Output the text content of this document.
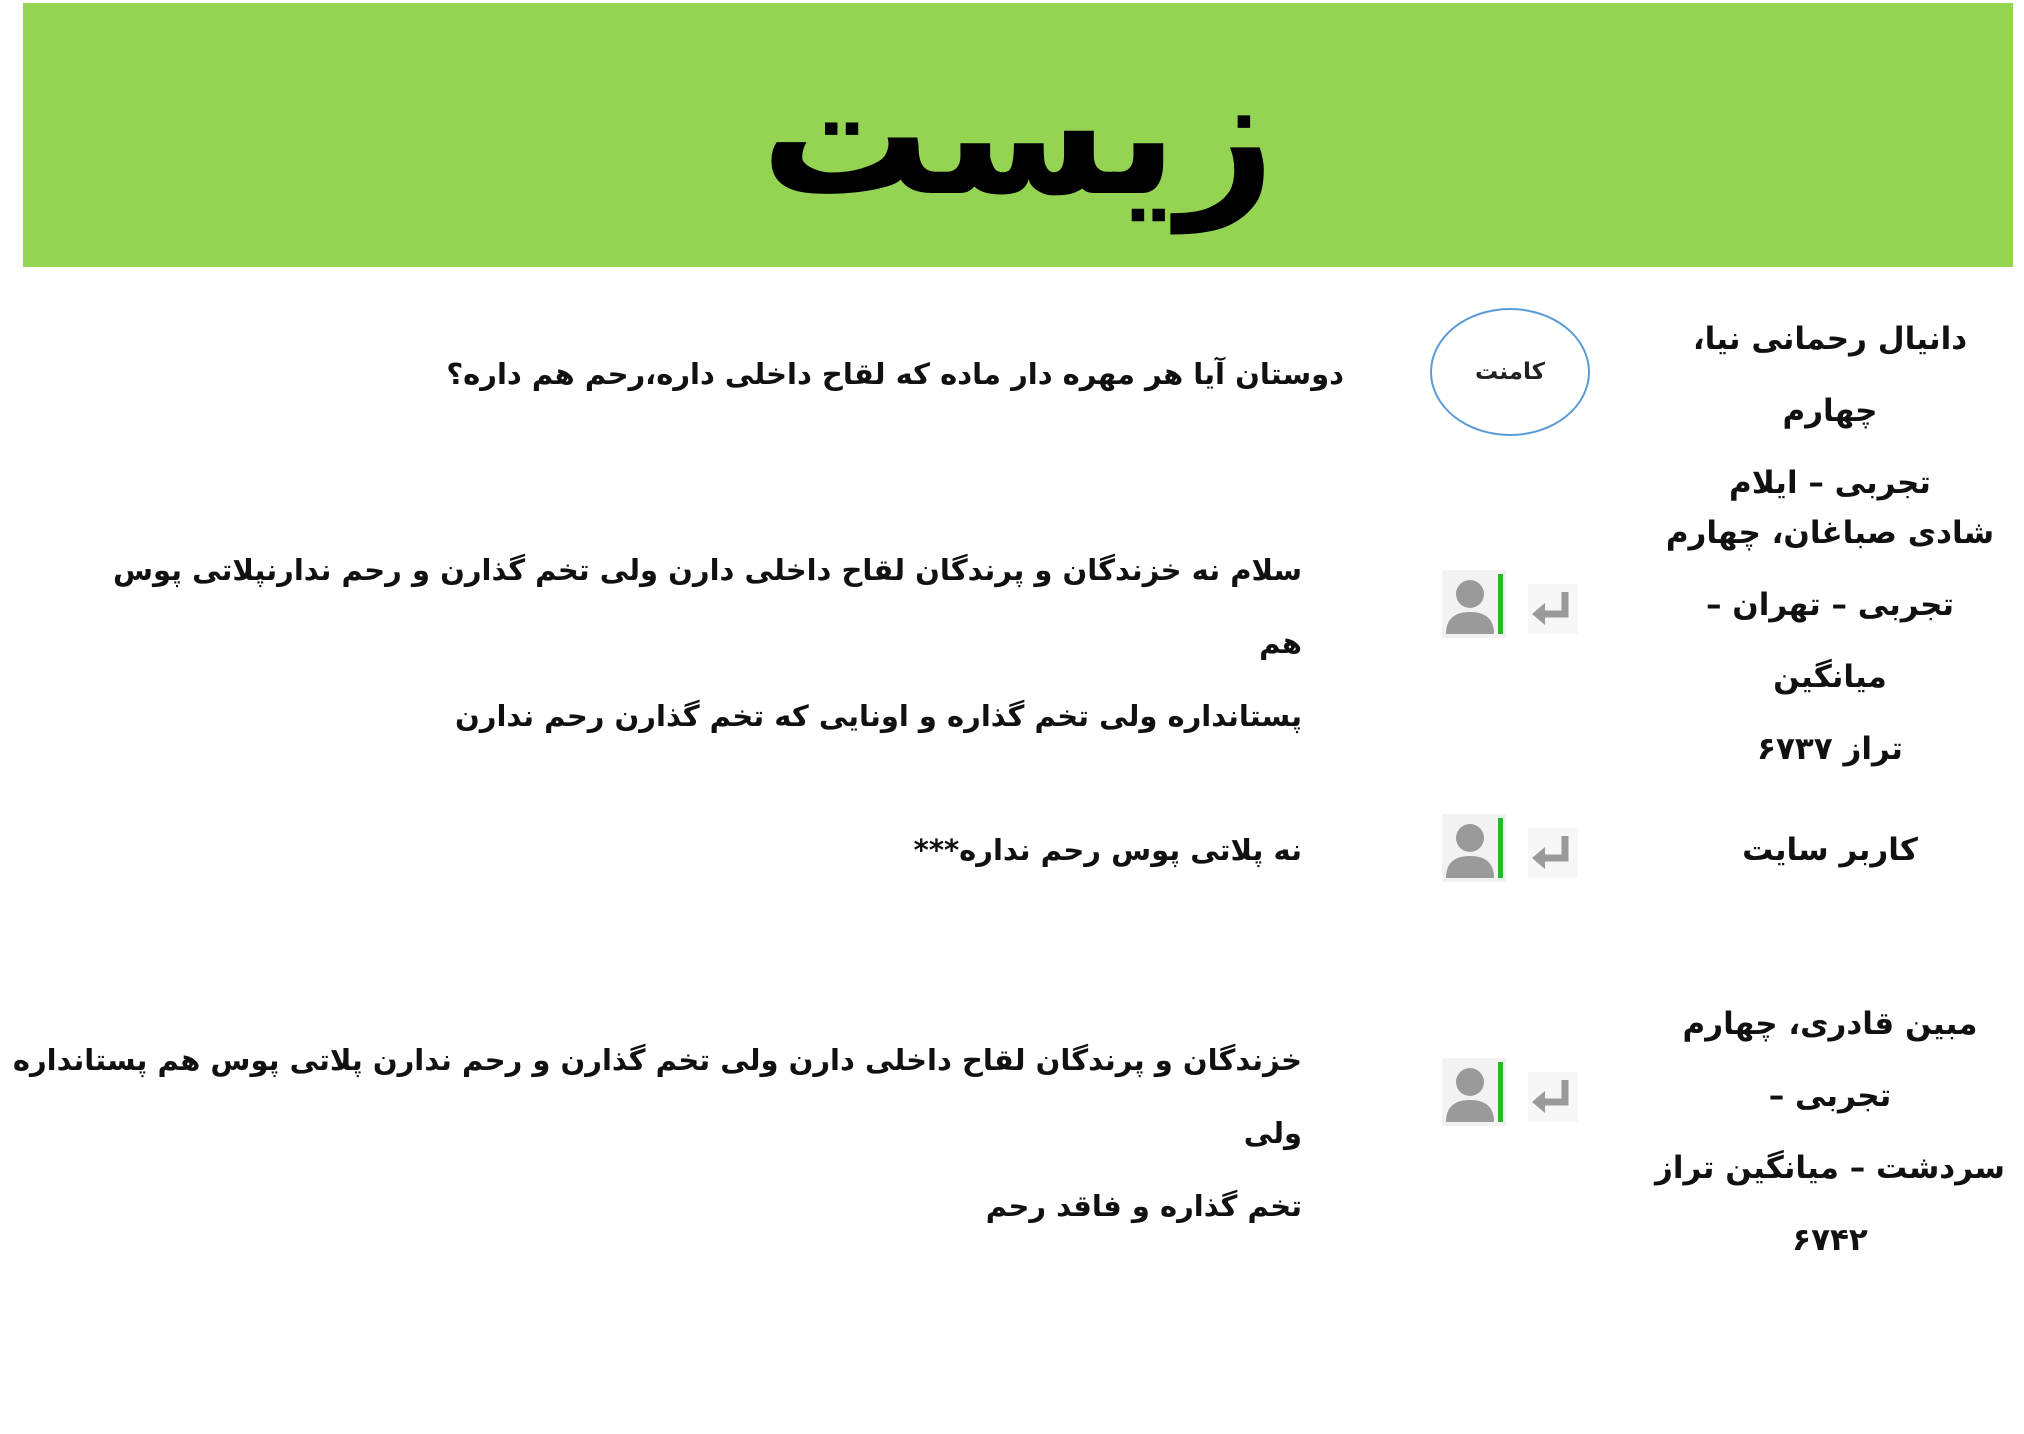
زیست
دانیال رحمانی نیا، چهارم
تجربی – ایلام
کامنت
دوستان آیا هر مهره دار ماده که لقاح داخلی داره،رحم هم داره؟
شادی صباغان، چهارم
تجربی – تهران – میانگین
تراز ۶۷۳۷
سلام نه خزندگان و پرندگان لقاح داخلی دارن ولی تخم گذارن و رحم ندارنپلاتی پوس هم
پستانداره ولی تخم گذاره و اونایی که تخم گذارن رحم ندارن
کاربر سایت
نه پلاتی پوس رحم نداره***
مبین قادری، چهارم تجربی –
سردشت – میانگین تراز
۶۷۴۲
خزندگان و پرندگان لقاح داخلی دارن ولی تخم گذارن و رحم ندارن پلاتی پوس هم پستانداره ولی
تخم گذاره و فاقد رحم
